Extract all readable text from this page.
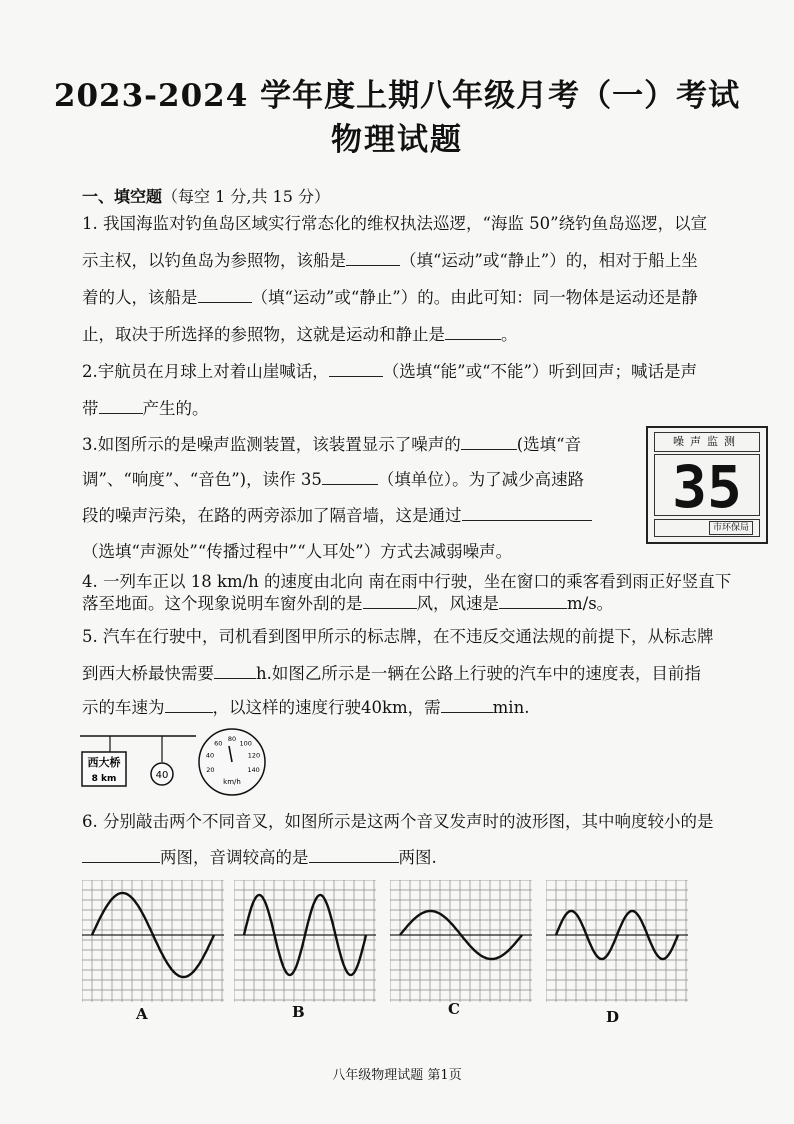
2023-2024 学年度上期八年级月考（一）考试
物理试题
一、填空题（每空 1 分,共 15 分）
1. 我国海监对钓鱼岛区域实行常态化的维权执法巡逻，“海监 50”绕钓鱼岛巡逻，以宣
示主权，以钓鱼岛为参照物，该船是	（填“运动”或“静止”）的，相对于船上坐
着的人，该船是	（填“运动”或“静止”）的。由此可知：同一物体是运动还是静
止，取决于所选择的参照物，这就是运动和静止是	。
2.宇航员在月球上对着山崖喊话，	（选填“能”或“不能”）听到回声；喊话是声
带	产生的。
3.如图所示的是噪声监测装置，该装置显示了噪声的	(选填“音
调”、“响度”、“音色”)，读作 35	（填单位）。为了减少高速路
段的噪声污染，在路的两旁添加了隔音墙，这是通过
（选填“声源处”“传播过程中”“人耳处”）方式去减弱噪声。
噪声监测
35
市环保局
4. 一列车正以 18 km/h 的速度由北向 南在雨中行驶，坐在窗口的乘客看到雨正好竖直下
落至地面。这个现象说明车窗外刮的是	风，风速是	m/s。
5. 汽车在行驶中，司机看到图甲所示的标志牌，在不违反交通法规的前提下，从标志牌
到西大桥最快需要	h.如图乙所示是一辆在公路上行驶的汽车中的速度表，目前指
示的车速为	，以这样的速度行驶40km，需	min.
西大桥
8 km	40
20
40
60
80
100
120
140
km/h
6. 分别敲击两个不同音叉，如图所示是这两个音叉发声时的波形图，其中响度较小的是
两图，音调较高的是	两图.
A	B	C	D
八年级物理试题 第1页
